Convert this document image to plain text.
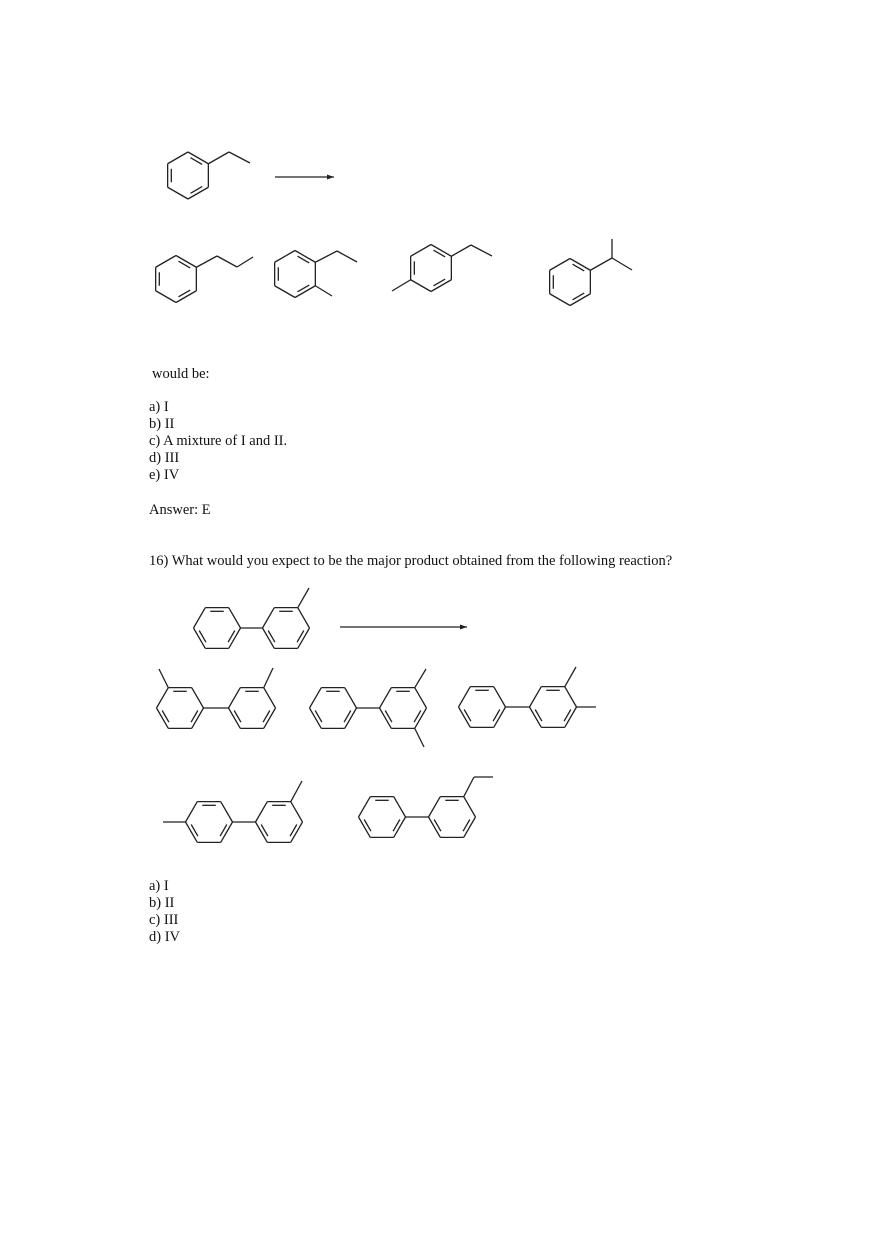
would be:
a) I
b) II
c) A mixture of I and II.
d) III
e) IV
Answer: E
16) What would you expect to be the major product obtained from the following reaction?
a) I
b) II
c) III
d) IV
